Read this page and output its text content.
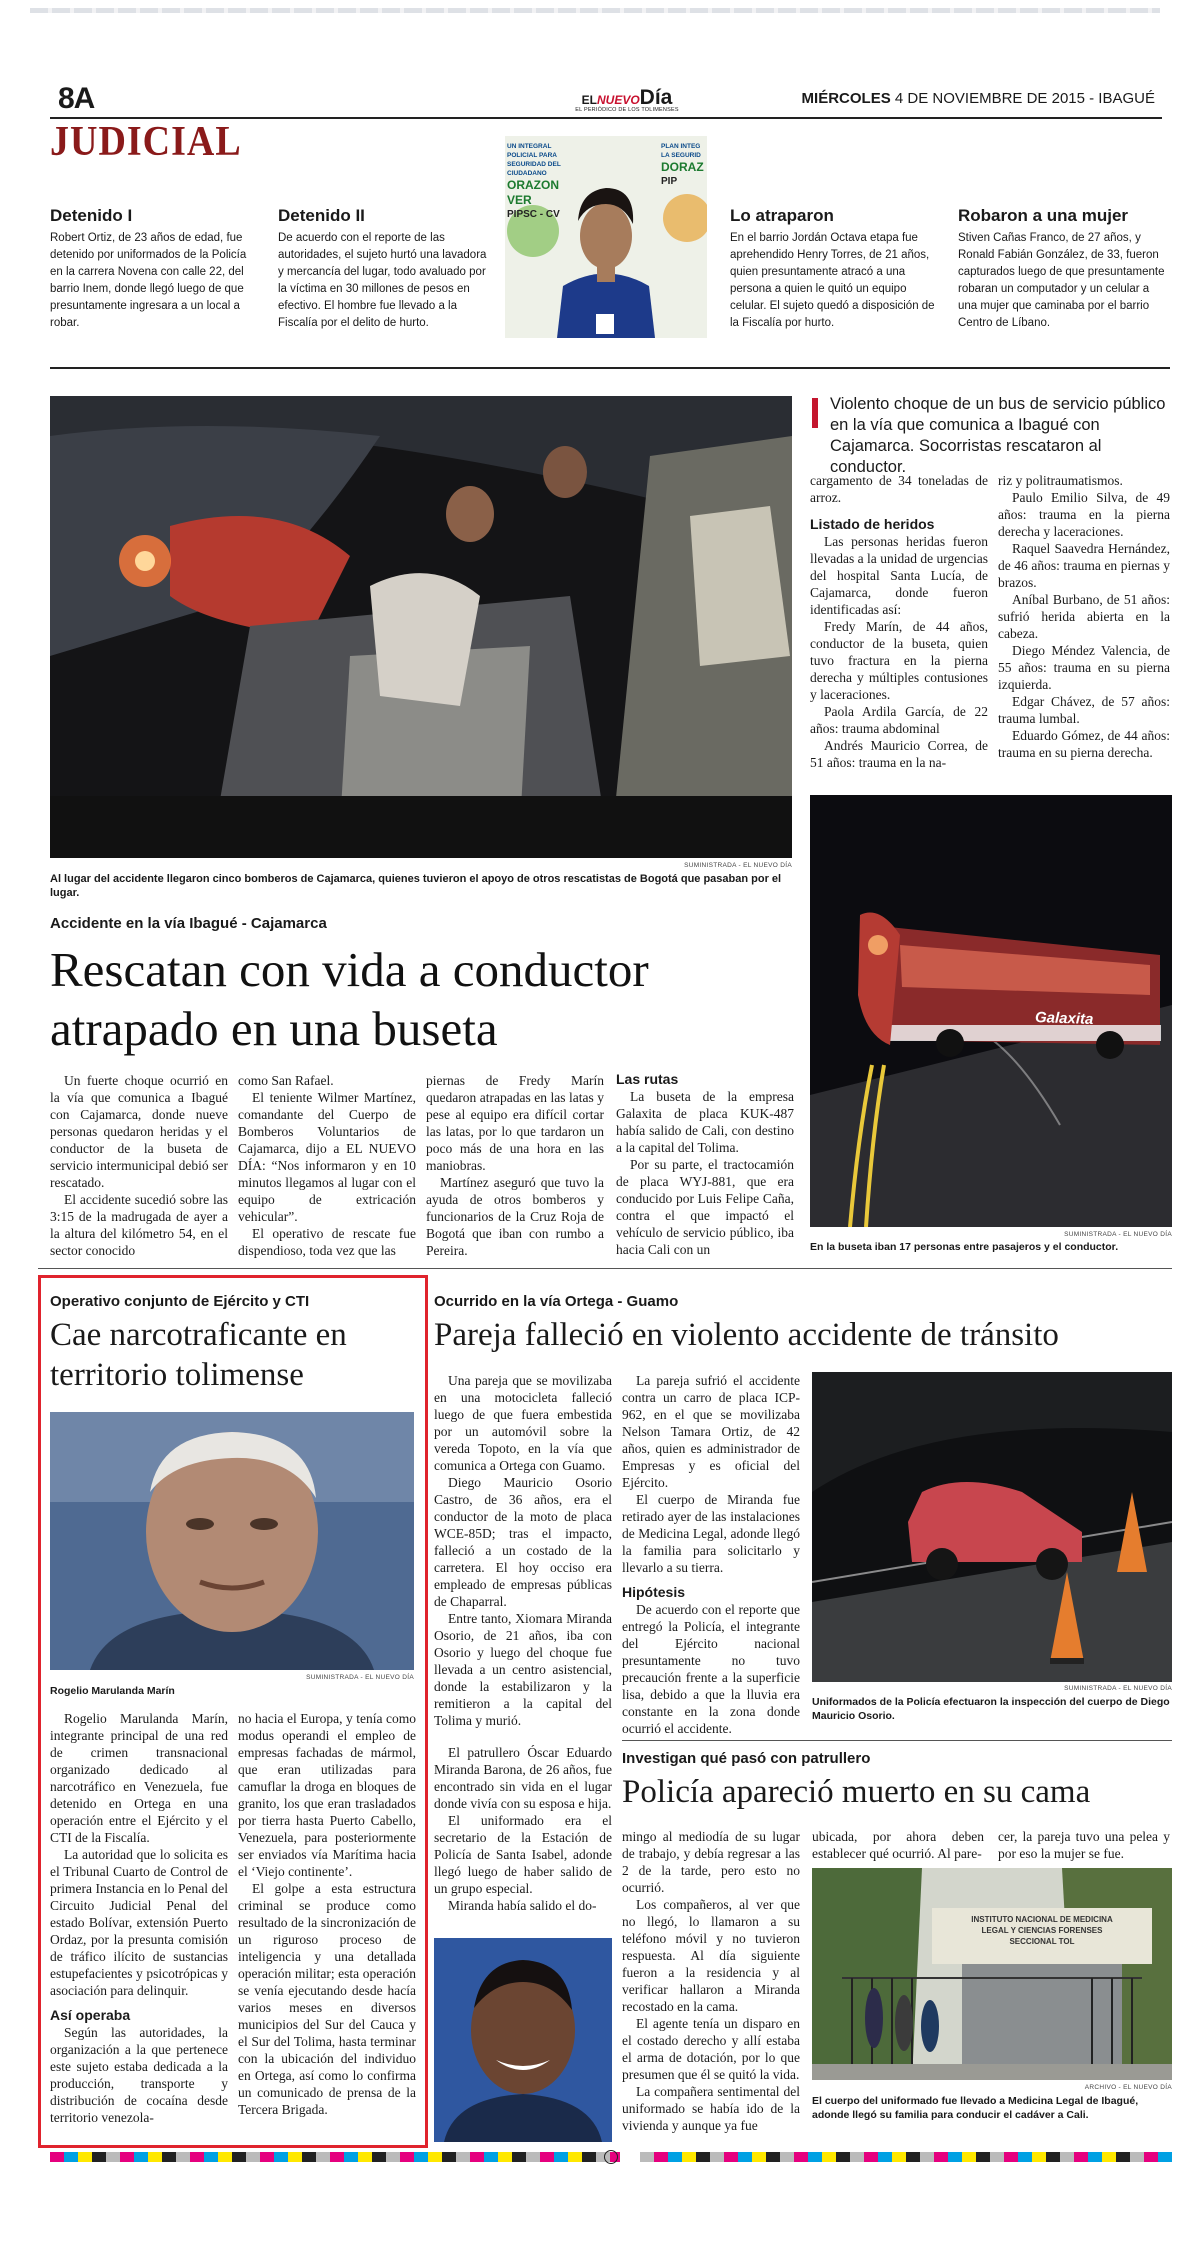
8A	ELNUEVODía
EL PERIÓDICO DE LOS TOLIMENSES
MIÉRCOLES 4 DE NOVIEMBRE DE 2015 - IBAGUÉ
JUDICIAL
Detenido I

Robert Ortiz, de 23 años de edad, fue detenido por uniformados de la Policía en la carrera Novena con calle 22, del barrio Inem, donde llegó luego de que presuntamente ingresara a un local a robar.

Detenido II

De acuerdo con el reporte de las autoridades, el sujeto hurtó una lavadora y mercancía del lugar, todo avaluado por la víctima en 30 millones de pesos en efectivo. El hombre fue llevado a la Fiscalía por el delito de hurto.

UN INTEGRAL POLICIAL PARA
SEGURIDAD DEL CIUDADANO
ORAZON VER
PIPSC - CV
PLAN INTEG
LA SEGURID
DORAZ
PIP
Lo atraparon

En el barrio Jordán Octava etapa fue aprehendido Henry Torres, de 21 años, quien presuntamente atracó a una persona a quien le quitó un equipo celular. El sujeto quedó a disposición de la Fiscalía por hurto.

Robaron a una mujer

Stiven Cañas Franco, de 27 años, y Ronald Fabián González, de 33, fueron capturados luego de que presuntamente robaran un computador y un celular a una mujer que caminaba por el barrio Centro de Líbano.

SUMINISTRADA - EL NUEVO DÍA
Al lugar del accidente llegaron cinco bomberos de Cajamarca, quienes tuvieron el apoyo de otros rescatistas de Bogotá que pasaban por el lugar.
Violento choque de un bus de servicio público en la vía que comunica a Ibagué con Cajamarca. Socorristas rescataron al conductor.
cargamento de 34 toneladas de arroz.
Listado de heridos

Las personas heridas fueron llevadas a la unidad de urgencias del hospital Santa Lucía, de Cajamarca, donde fueron identificadas así:

Fredy Marín, de 44 años, conductor de la buseta, quien tuvo fractura en la pierna derecha y múltiples contusiones y laceraciones.

Paola Ardila García, de 22 años: trauma abdominal

Andrés Mauricio Correa, de 51 años: trauma en la na-

riz y politraumatismos.

Paulo Emilio Silva, de 49 años: trauma en la pierna derecha y laceraciones.

Raquel Saavedra Hernández, de 46 años: trauma en piernas y brazos.

Aníbal Burbano, de 51 años: sufrió herida abierta en la cabeza.

Diego Méndez Valencia, de 55 años: trauma en su pierna izquierda.

Edgar Chávez, de 57 años: trauma lumbal.

Eduardo Gómez, de 44 años: trauma en su pierna derecha.

Galaxita
SUMINISTRADA - EL NUEVO DÍA
En la buseta iban 17 personas entre pasajeros y el conductor.
Accidente en la vía Ibagué - Cajamarca
Rescatan con vida a conductor atrapado en una buseta

Un fuerte choque ocurrió en la vía que comunica a Ibagué con Cajamarca, donde nueve personas quedaron heridas y el conductor de la buseta de servicio intermunicipal debió ser rescatado.

El accidente sucedió sobre las 3:15 de la madrugada de ayer a la altura del kilómetro 54, en el sector conocido

como San Rafael.

El teniente Wilmer Martínez, comandante del Cuerpo de Bomberos Voluntarios de Cajamarca, dijo a EL NUEVO DÍA: “Nos informaron y en 10 minutos llegamos al lugar con el equipo de extricación vehicular”.

El operativo de rescate fue dispendioso, toda vez que las

piernas de Fredy Marín quedaron atrapadas en las latas y pese al equipo era difícil cortar las latas, por lo que tardaron un poco más de una hora en las maniobras.

Martínez aseguró que tuvo la ayuda de otros bomberos y funcionarios de la Cruz Roja de Bogotá que iban con rumbo a Pereira.

Las rutas

La buseta de la empresa Galaxita de placa KUK-487 había salido de Cali, con destino a la capital del Tolima.

Por su parte, el tractocamión de placa WYJ-881, que era conducido por Luis Felipe Caña, contra el que impactó el vehículo de servicio público, iba hacia Cali con un

Operativo conjunto de Ejército y CTI
Cae narcotraficante en territorio tolimense
SUMINISTRADA - EL NUEVO DÍA
Rogelio Marulanda Marín

Rogelio Marulanda Marín, integrante principal de una red de crimen transnacional organizado dedicado al narcotráfico en Venezuela, fue detenido en Ortega en una operación entre el Ejército y el CTI de la Fiscalía.

La autoridad que lo solicita es el Tribunal Cuarto de Control de primera Instancia en lo Penal del Circuito Judicial Penal del estado Bolívar, extensión Puerto Ordaz, por la presunta comisión de tráfico ilícito de sustancias estupefacientes y psicotrópicas y asociación para delinquir.

Así operaba

Según las autoridades, la organización a la que pertenece este sujeto estaba dedicada a la producción, transporte y distribución de cocaína desde territorio venezola-

no hacia el Europa, y tenía como modus operandi el empleo de empresas fachadas de mármol, que eran utilizadas para camuflar la droga en bloques de granito, los que eran trasladados por tierra hasta Puerto Cabello, Venezuela, para posteriormente ser enviados vía Marítima hacia el ‘Viejo continente’.

El golpe a esta estructura criminal se produce como resultado de la sincronización de un riguroso proceso de inteligencia y una detallada operación militar; esta operación se venía ejecutando desde hacía varios meses en diversos municipios del Sur del Cauca y el Sur del Tolima, hasta terminar con la ubicación del individuo en Ortega, así como lo confirma un comunicado de prensa de la Tercera Brigada.

Ocurrido en la vía Ortega - Guamo
Pareja falleció en violento accidente de tránsito

Una pareja que se movilizaba en una motocicleta falleció luego de que fuera embestida por un automóvil sobre la vereda Topoto, en la vía que comunica a Ortega con Guamo.

Diego Mauricio Osorio Castro, de 36 años, era el conductor de la moto de placa WCE-85D; tras el impacto, falleció a un costado de la carretera. El hoy occiso era empleado de empresas públicas de Chaparral.

Entre tanto, Xiomara Miranda Osorio, de 21 años, iba con Osorio y luego del choque fue llevada a un centro asistencial, donde la estabilizaron y la remitieron a la capital del Tolima y murió.

La pareja sufrió el accidente contra un carro de placa ICP-962, en el que se movilizaba Nelson Tamara Ortiz, de 42 años, quien es administrador de Empresas y es oficial del Ejército.

El cuerpo de Miranda fue retirado ayer de las instalaciones de Medicina Legal, adonde llegó la familia para solicitarlo y llevarlo a su tierra.

Hipótesis

De acuerdo con el reporte que entregó la Policía, el integrante del Ejército nacional presuntamente no tuvo precaución frente a la superficie lisa, debido a que la lluvia era constante en la zona donde ocurrió el accidente.

SUMINISTRADA - EL NUEVO DÍA
Uniformados de la Policía efectuaron la inspección del cuerpo de Diego Mauricio Osorio.

El patrullero Óscar Eduardo Miranda Barona, de 26 años, fue encontrado sin vida en el lugar donde vivía con su esposa e hija.

El uniformado era el secretario de la Estación de Policía de Santa Isabel, adonde llegó luego de haber salido de un grupo especial.

Miranda había salido el do-

Investigan qué pasó con patrullero
Policía apareció muerto en su cama
mingo al mediodía de su lugar de trabajo, y debía regresar a las 2 de la tarde, pero esto no ocurrió.

Los compañeros, al ver que no llegó, lo llamaron a su teléfono móvil y no tuvieron respuesta. Al día siguiente fueron a la residencia y al verificar hallaron a Miranda recostado en la cama.

El agente tenía un disparo en el costado derecho y allí estaba el arma de dotación, por lo que presumen que él se quitó la vida.

La compañera sentimental del uniformado se había ido de la vivienda y aunque ya fue

ubicada, por ahora deben establecer qué ocurrió. Al pare-
cer, la pareja tuvo una pelea y por eso la mujer se fue.
INSTITUTO NACIONAL DE MEDICINA
LEGAL Y CIENCIAS FORENSES
SECCIONAL TOL
ARCHIVO - EL NUEVO DÍA
El cuerpo del uniformado fue llevado a Medicina Legal de Ibagué, adonde llegó su familia para conducir el cadáver a Cali.
